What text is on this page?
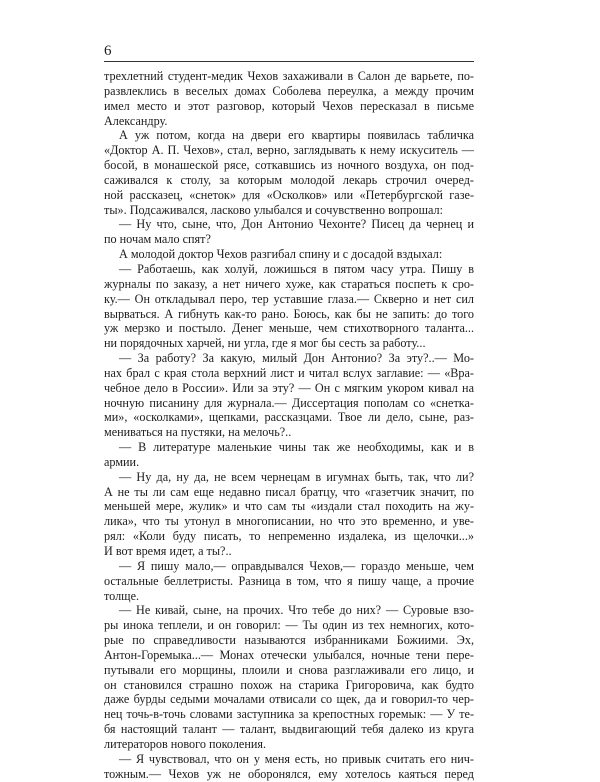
6
трехлетний студент-медик Чехов захаживали в Салон де варьете, по-
развлеклись в веселых домах Соболева переулка, а между прочим
имел место и этот разговор, который Чехов пересказал в письме
Александру.
А уж потом, когда на двери его квартиры появилась табличка
«Доктор А. П. Чехов», стал, верно, заглядывать к нему искуситель —
босой, в монашеской рясе, соткавшись из ночного воздуха, он под-
саживался к столу, за которым молодой лекарь строчил очеред-
ной рассказец, «снеток» для «Осколков» или «Петербургской газе-
ты». Подсаживался, ласково улыбался и сочувственно вопрошал:
— Ну что, сыне, что, Дон Антонио Чехонте? Писец да чернец и
по ночам мало спят?
А молодой доктор Чехов разгибал спину и с досадой вздыхал:
— Работаешь, как холуй, ложишься в пятом часу утра. Пишу в
журналы по заказу, а нет ничего хуже, как стараться поспеть к сро-
ку.— Он откладывал перо, тер уставшие глаза.— Скверно и нет сил
вырваться. А гибнуть как-то рано. Боюсь, как бы не запить: до того
уж мерзко и постыло. Денег меньше, чем стихотворного таланта...
ни порядочных харчей, ни угла, где я мог бы сесть за работу...
— За работу? За какую, милый Дон Антонио? За эту?..— Мо-
нах брал с края стола верхний лист и читал вслух заглавие: — «Вра-
чебное дело в России». Или за эту? — Он с мягким укором кивал на
ночную писанину для журнала.— Диссертация пополам со «снетка-
ми», «осколками», щепками, рассказцами. Твое ли дело, сыне, раз-
мениваться на пустяки, на мелочь?..
— В литературе маленькие чины так же необходимы, как и в
армии.
— Ну да, ну да, не всем чернецам в игумнах быть, так, что ли?
А не ты ли сам еще недавно писал братцу, что «газетчик значит, по
меньшей мере, жулик» и что сам ты «издали стал походить на жу-
лика», что ты утонул в многописании, но что это временно, и уве-
рял: «Коли буду писать, то непременно издалека, из щелочки...»
И вот время идет, а ты?..
— Я пишу мало,— оправдывался Чехов,— гораздо меньше, чем
остальные беллетристы. Разница в том, что я пишу чаще, а прочие
толще.
— Не кивай, сыне, на прочих. Что тебе до них? — Суровые взо-
ры инока теплели, и он говорил: — Ты один из тех немногих, кото-
рые по справедливости называются избранниками Божиими. Эх,
Антон-Горемыка...— Монах отечески улыбался, ночные тени пере-
путывали его морщины, плоили и снова разглаживали его лицо, и
он становился страшно похож на старика Григоровича, как будто
даже бурды седыми мочалами отвисали со щек, да и говорил-то чер-
нец точь-в-точь словами заступника за крепостных горемык: — У те-
бя настоящий талант — талант, выдвигающий тебя далеко из круга
литераторов нового поколения.
— Я чувствовал, что он у меня есть, но привык считать его нич-
тожным.— Чехов уж не оборонялся, ему хотелось каяться перед
